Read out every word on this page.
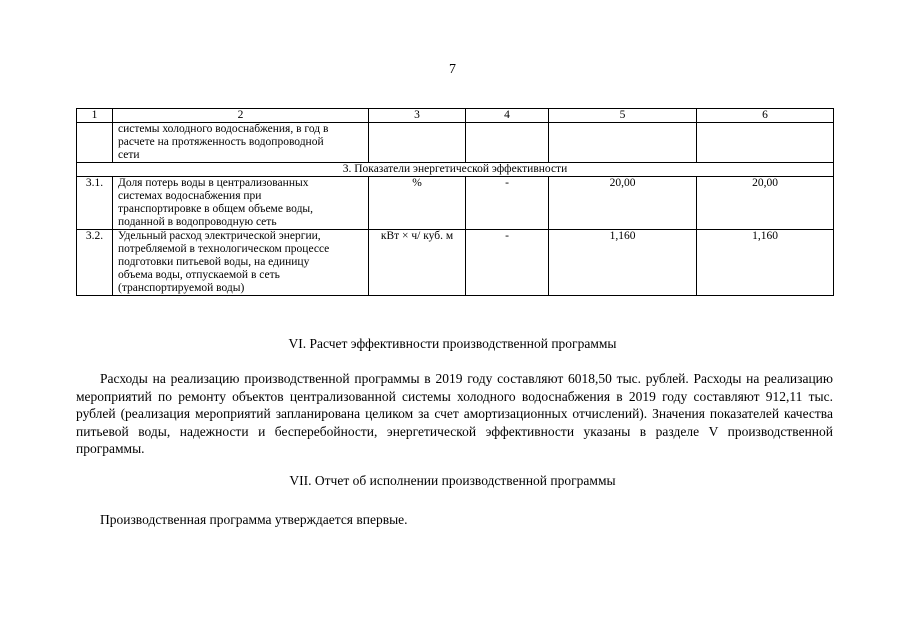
7
1	2	3	4	5	6

	системы холодного водоснабжения, в год в
расчете на протяженность водопроводной
сети				

3. Показатели энергетической эффективности					
3.1.	Доля потерь воды в централизованных
системах водоснабжения при
транспортировке в общем объеме воды,
поданной в водопроводную сеть	%	-	20,00	20,00
3.2.	Удельный расход электрической энергии,
потребляемой в технологическом процессе
подготовки питьевой воды, на единицу
объема воды, отпускаемой в сеть
(транспортируемой воды)	кВт × ч/ куб. м	-	1,160	1,160
VI. Расчет эффективности производственной программы

Расходы на реализацию производственной программы в 2019 году составляют 6018,50 тыс. рублей. Расходы на реализацию мероприятий по ремонту объектов централизованной системы холодного водоснабжения в 2019 году составляют 912,11 тыс. рублей (реализация мероприятий запланирована целиком за счет амортизационных отчислений). Значения показателей качества питьевой воды, надежности и бесперебойности, энергетической эффективности указаны в разделе V производственной программы.

VII. Отчет об исполнении производственной программы

Производственная программа утверждается впервые.
